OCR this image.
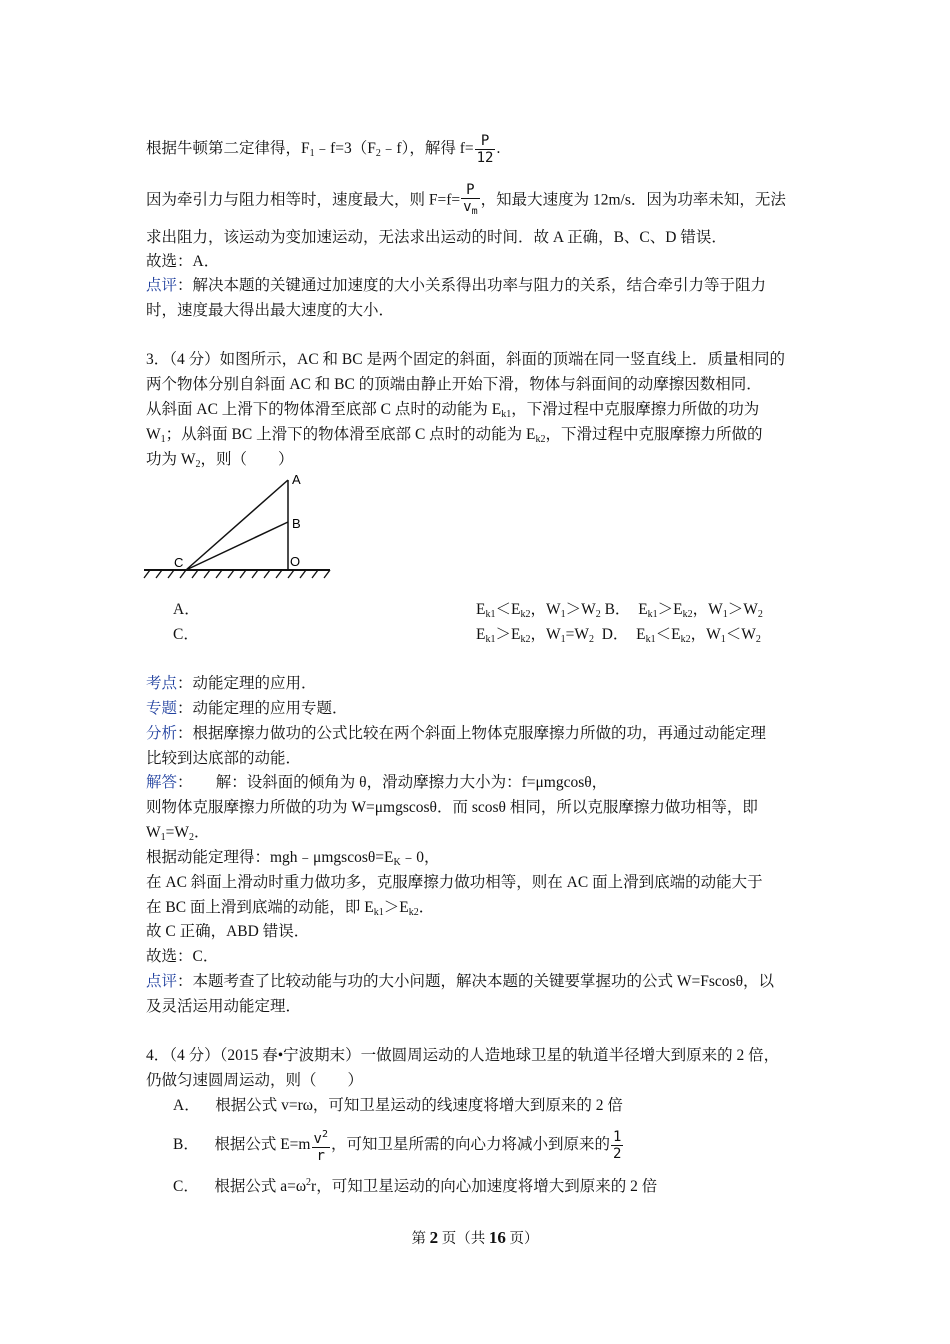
根据牛顿第二定律得，$F_1﹣f=3(F_2﹣f)$，解得 $f= \frac{P}{12}$ .
因为牵引力与阻力相等时，速度最大，则 $F=f= \frac{P}{v_m}$ ，知最大速度为 12m/s．因为功率未知，无法
求出阻力，该运动为变加速运动，无法求出运动的时间．故 A 正确，B、C、D 错误．
故选：A．
点评：解决本题的关键通过加速度的大小关系得出功率与阻力的关系，结合牵引力等于阻力
时，速度最大得出最大速度的大小．
3．（4 分）如图所示，AC 和 BC 是两个固定的斜面，斜面的顶端在同一竖直线上．质量相同的
两个物体分别自斜面 AC 和 BC 的顶端由静止开始下滑，物体与斜面间的动摩擦因数相同．
从斜面 AC 上滑下的物体滑至底部 C 点时的动能为 $E_{k1}$，下滑过程中克服摩擦力所做的功为
$W_1$；从斜面 BC 上滑下的物体滑至底部 C 点时的动能为 $E_{k2}$，下滑过程中克服摩擦力所做的
功为 $W_2$，则（　　）
A
B
C	O
A．	$E_{k1}<E_{k2}$，$W_1>W_2$ B． $E_{k1}>E_{k2}$，$W_1>W_2$
C．	$E_{k1}>E_{k2}$，$W_1=W_2$ D． $E_{k1}<E_{k2}$，$W_1<W_2$
考点：动能定理的应用．
专题：动能定理的应用专题．
分析：根据摩擦力做功的公式比较在两个斜面上物体克服摩擦力所做的功，再通过动能定理
比较到达底部的动能．
解答：　　解：设斜面的倾角为 θ，滑动摩擦力大小为：f=μmgcosθ，
则物体克服摩擦力所做的功为 W=μmgscosθ．而 scosθ 相同，所以克服摩擦力做功相等，即
$W_1=W_2$．
根据动能定理得：$mgh﹣\mu mgscos\theta=E_K﹣0$，
在 AC 斜面上滑动时重力做功多，克服摩擦力做功相等，则在 AC 面上滑到底端的动能大于
在 BC 面上滑到底端的动能，即 $E_{k1}>E_{k2}$．
故 C 正确，ABD 错误．
故选：C．
点评：本题考查了比较动能与功的大小问题，解决本题的关键要掌握功的公式 W=Fscosθ，以
及灵活运用动能定理．
4．（4 分）（2015 春•宁波期末）一做圆周运动的人造地球卫星的轨道半径增大到原来的 2 倍，
仍做匀速圆周运动，则（　　）
A． 根据公式 v=rω，可知卫星运动的线速度将增大到原来的 2 倍
B． 根据公式 $E=m \frac{v^2}{r}$ ，可知卫星所需的向心力将减小到原来的 $\frac{1}{2}$
C． 根据公式 $a=\omega^2r$，可知卫星运动的向心加速度将增大到原来的 2 倍
第 2 页（共 16 页）
